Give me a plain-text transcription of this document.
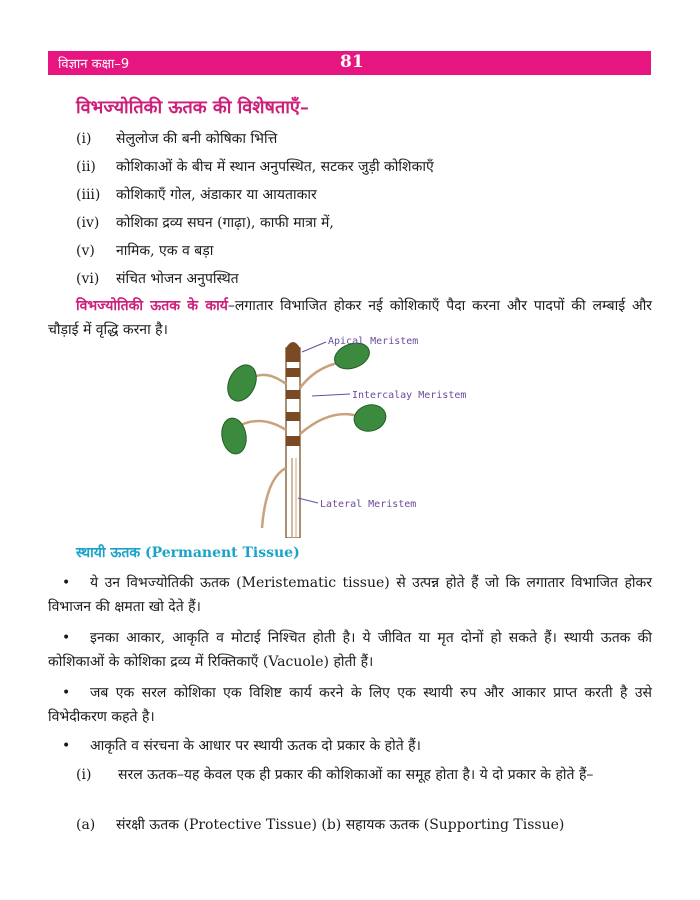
विज्ञान कक्षा–9	81
विभज्योतिकी ऊतक की विशेषताएँ–
(i) सेलुलोज की बनी कोषिका भित्ति
(ii) कोशिकाओं के बीच में स्थान अनुपस्थित, सटकर जुड़ी कोशिकाएँ
(iii) कोशिकाएँ गोल, अंडाकार या आयताकार
(iv) कोशिका द्रव्य सघन (गाढ़ा), काफी मात्रा में,
(v) नामिक, एक व बड़ा
(vi) संचित भोजन अनुपस्थित
विभज्योतिकी ऊतक के कार्य–लगातार विभाजित होकर नई कोशिकाएँ पैदा करना और पादपों की लम्बाई और चौड़ाई में वृद्धि करना है।
Apical Meristem
Intercalay Meristem
Lateral Meristem
स्थायी ऊतक (Permanent Tissue)
• ये उन विभज्योतिकी ऊतक (Meristematic tissue) से उत्पन्न होते हैं जो कि लगातार विभाजित होकर विभाजन की क्षमता खो देते हैं।
• इनका आकार, आकृति व मोटाई निश्चित होती है। ये जीवित या मृत दोनों हो सकते हैं। स्थायी ऊतक की कोशिकाओं के कोशिका द्रव्य में रिक्तिकाएँ (Vacuole) होती हैं।
• जब एक सरल कोशिका एक विशिष्ट कार्य करने के लिए एक स्थायी रुप और आकार प्राप्त करती है उसे विभेदीकरण कहते है।
• आकृति व संरचना के आधार पर स्थायी ऊतक दो प्रकार के होते हैं।
(i) सरल ऊतक–यह केवल एक ही प्रकार की कोशिकाओं का समूह होता है। ये दो प्रकार के होते हैं–
(a) संरक्षी ऊतक (Protective Tissue) (b) सहायक ऊतक (Supporting Tissue)
